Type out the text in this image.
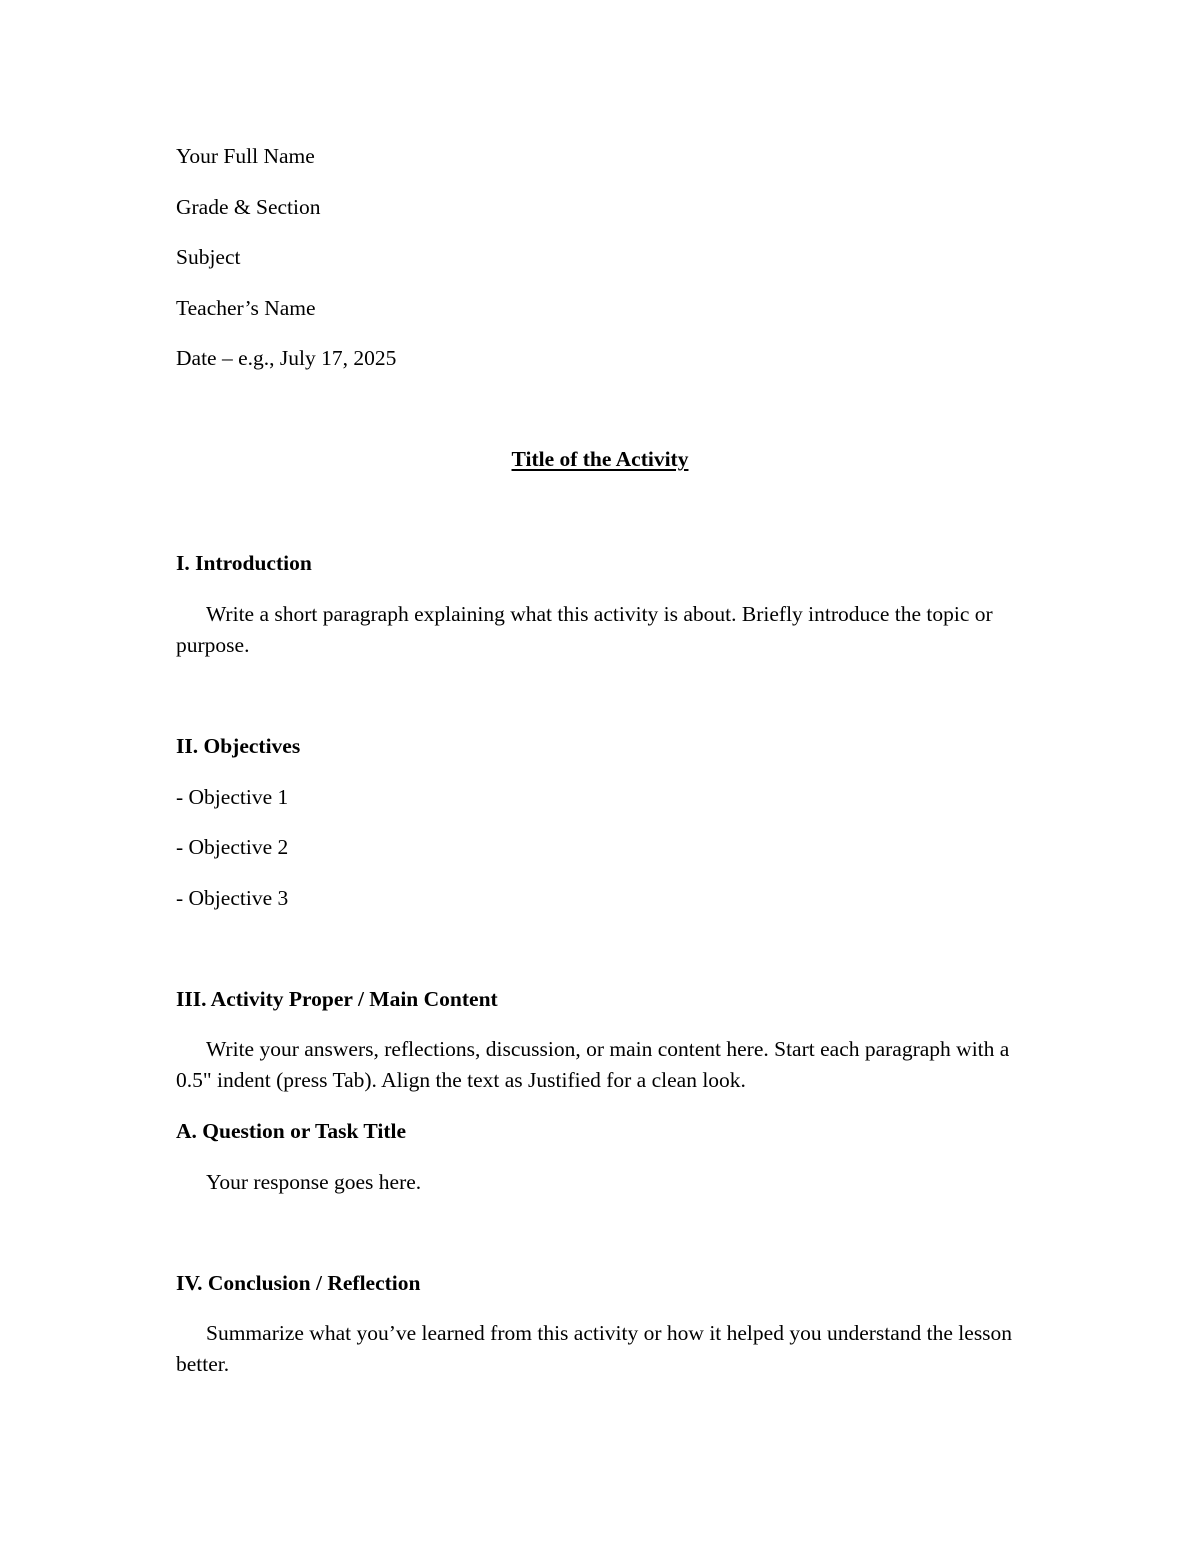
Your Full Name

Grade & Section

Subject

Teacher’s Name

Date – e.g., July 17, 2025

Title of the Activity
I. Introduction

Write a short paragraph explaining what this activity is about. Briefly introduce the topic or purpose.

II. Objectives

- Objective 1

- Objective 2

- Objective 3

III. Activity Proper / Main Content

Write your answers, reflections, discussion, or main content here. Start each paragraph with a 0.5" indent (press Tab). Align the text as Justified for a clean look.

A. Question or Task Title

Your response goes here.

IV. Conclusion / Reflection

Summarize what you’ve learned from this activity or how it helped you understand the lesson better.
